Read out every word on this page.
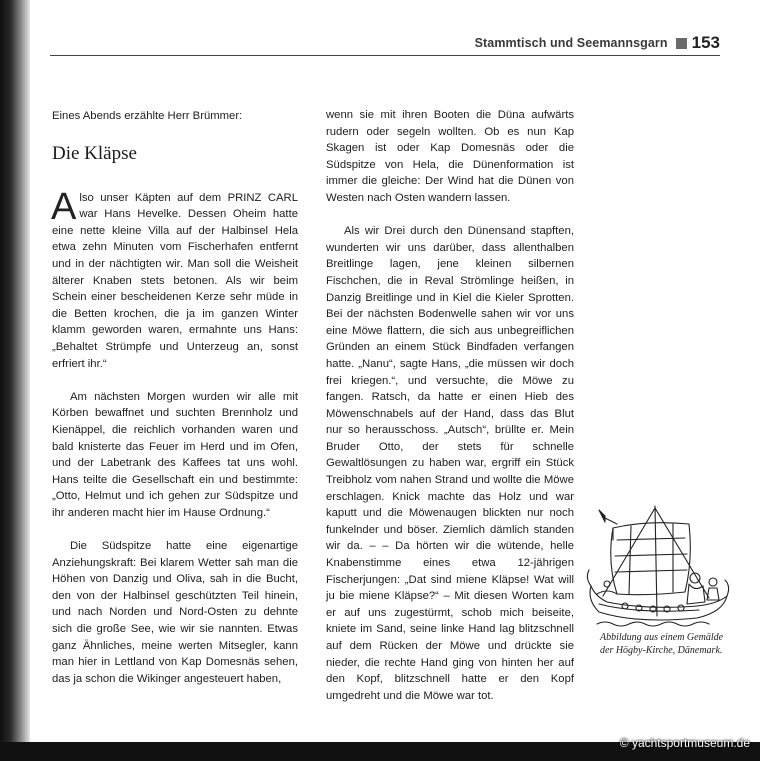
Stammtisch und Seemannsgarn 153

Eines Abends erzählte Herr Brümmer:

Die Kläpse

Also unser Käpten auf dem PRINZ CARL war Hans Hevelke. Dessen Oheim hatte eine nette kleine Villa auf der Halbinsel Hela etwa zehn Minuten vom Fischerhafen entfernt und in der nächtigten wir. Man soll die Weisheit älterer Knaben stets betonen. Als wir beim Schein einer bescheidenen Kerze sehr müde in die Betten krochen, die ja im ganzen Winter klamm geworden waren, ermahnte uns Hans: „Behaltet Strümpfe und Unterzeug an, sonst erfriert ihr.“

Am nächsten Morgen wurden wir alle mit Körben bewaffnet und suchten Brennholz und Kienäppel, die reichlich vorhanden waren und bald knisterte das Feuer im Herd und im Ofen, und der Labetrank des Kaffees tat uns wohl. Hans teilte die Gesellschaft ein und bestimmte: „Otto, Helmut und ich gehen zur Südspitze und ihr anderen macht hier im Hause Ordnung.“

Die Südspitze hatte eine eigenartige Anziehungskraft: Bei klarem Wetter sah man die Höhen von Danzig und Oliva, sah in die Bucht, den von der Halbinsel geschützten Teil hinein, und nach Norden und Nord-Osten zu dehnte sich die große See, wie wir sie nannten. Etwas ganz Ähnliches, meine werten Mitsegler, kann man hier in Lettland von Kap Domesnäs sehen, das ja schon die Wikinger angesteuert haben,

wenn sie mit ihren Booten die Düna aufwärts rudern oder segeln wollten. Ob es nun Kap Skagen ist oder Kap Domesnäs oder die Südspitze von Hela, die Dünenformation ist immer die gleiche: Der Wind hat die Dünen von Westen nach Osten wandern lassen.

Als wir Drei durch den Dünensand stapften, wunderten wir uns darüber, dass allenthalben Breitlinge lagen, jene kleinen silbernen Fischchen, die in Reval Strömlinge heißen, in Danzig Breitlinge und in Kiel die Kieler Sprotten. Bei der nächsten Bodenwelle sahen wir vor uns eine Möwe flattern, die sich aus unbegreiflichen Gründen an einem Stück Bindfaden verfangen hatte. „Nanu“, sagte Hans, „die müssen wir doch frei kriegen.“, und versuchte, die Möwe zu fangen. Ratsch, da hatte er einen Hieb des Möwenschnabels auf der Hand, dass das Blut nur so herausschoss. „Autsch“, brüllte er. Mein Bruder Otto, der stets für schnelle Gewaltlösungen zu haben war, ergriff ein Stück Treibholz vom nahen Strand und wollte die Möwe erschlagen. Knick machte das Holz und war kaputt und die Möwenaugen blickten nur noch funkelnder und böser. Ziemlich dämlich standen wir da. – – Da hörten wir die wütende, helle Knabenstimme eines etwa 12-jährigen Fischerjungen: „Dat sind miene Kläpse! Wat will ju bie miene Kläpse?“ – Mit diesen Worten kam er auf uns zugestürmt, schob mich beiseite, kniete im Sand, seine linke Hand lag blitzschnell auf dem Rücken der Möwe und drückte sie nieder, die rechte Hand ging von hinten her auf den Kopf, blitzschnell hatte er den Kopf umgedreht und die Möwe war tot.

Abbildung aus einem Gemälde der Högby-Kirche, Dänemark.
© yachtsportmuseum.de
